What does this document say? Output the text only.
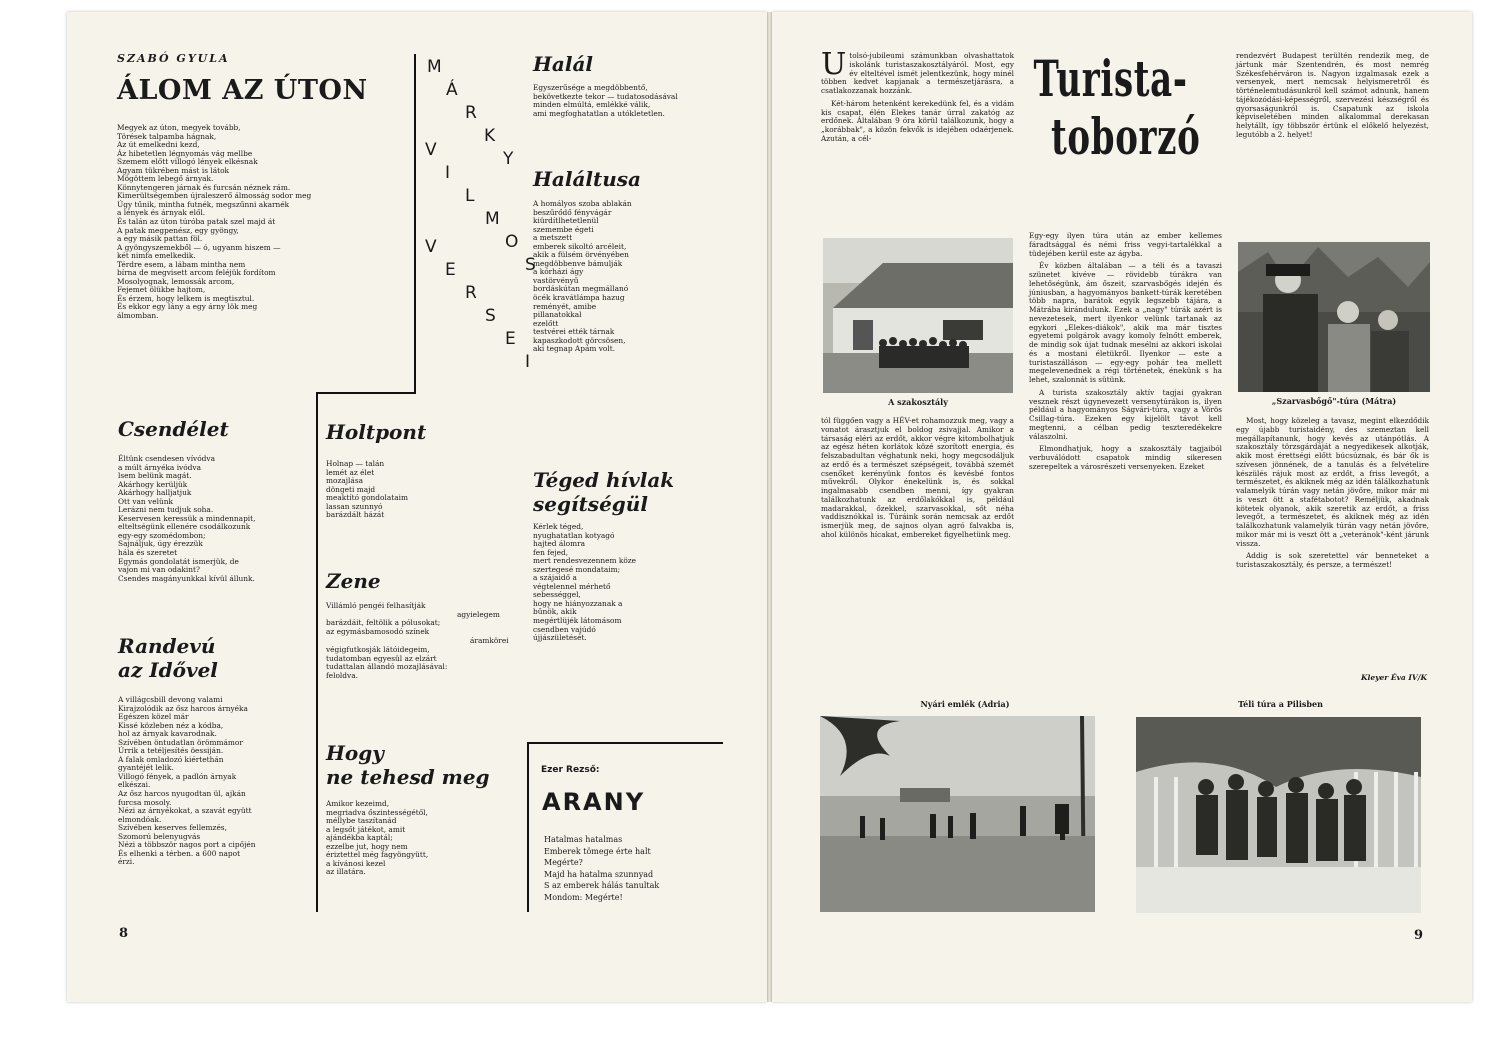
SZABÓ GYULA
ÁLOM AZ ÚTON
Megyek az úton, megyek tovább,
Törések talpamba hágnak,
Az út emelkedni kezd,
Áz hibetetlen légnyomás vág mellbe
Szemem előtt villogó lények elkésnak
Agyam tükrében mást is látok
Mögöttem lebegő árnyak.
Könnytengeren járnak és furcsán néznek rám.
Kimerültségemben újraleszerő álmosság sodor meg
Úgy tűnik, mintha futnék, megszűnni akarnék
a lények és árnyak elől.
És talán az úton túróba patak szel majd át
A patak megpenész, egy gyöngy,
a egy másik pattan föl.
A gyöngyszemekből — ó, ugyanm hiszem —
két nimfa emelkedik.
Térdre esem, a lábam mintha nem
bírna de megvisett arcom feléjük fordítom
Mosolyognak, lemossák arcom,
Fejemet ölükbe hajtom,
És érzem, hogy lelkem is megtisztul.
És ekkor egy lány a egy árny lök meg
álmomban.
M
Á
R
K
Y
V
I
L
M
O
S
V
E
R
S
E
I
Halál
Egyszerűsége a megdöbbentő,
bekövetkezte tekor — tudatosodásával
minden elmúltá, emlékké válik,
ami megfoghatatlan a utókletetlen.
Haláltusa
A homályos szoba ablakán
beszűrődő fényvágár
kiürdítlhetetlenül
szemembe égeti
a metszett
emberek sikoltó arcéleit,
akik a fülsém örvényében
megdöbbenve bámulják
a kórházi ágy
vastörvényű
bordáskútan megmállanó
öcék kravátlámpa hazug
reményét, amibe
pillanatokkal
ezelőtt
testvérei ették tárnak
kapaszkodott görcsösen,
aki tegnap Apám volt.
Csendélet
Éltünk csendesen vívódva
a múlt árnyéka ivódva
lsem belünk magát.
Akárhogy kerüljük
Akárhogy halljatjuk
Ott van velünk
Lerázni nem tudjuk soha.
Keservesen keressük a mindennapit,
elteltségünk ellenére csodálkozunk
egy-egy szomédombon;
Sajnáljuk, úgy érezzük
hála és szeretet
Egymás gondolatát ismerjük, de
vajon mi van odakint?
Csendes magányunkkal kívül állunk.
Holtpont
Holnap — talán
lemét az élet
mozajlása
döngeti majd
meaktító gondolataim
lassan szunnyó
barázdált házát
Zene
Villámló pengéi felhasítják
agyielegem
barázdáit, feltölik a pólusokat;
az egymásbamosodó színek
áramkörei
végigfutkosják látóidegeim,
tudatomban egyesül az elzárt
tudattalan állandó mozajlásával:
feloldva.
Randevú
az Idővel
A villágcsbill devong valami
Kirajzolódik az ősz harcos árnyéka
Egészen közel már
Kissé közleben néz a kódba,
hol az árnyak kavarodnak.
Szívében öntudatlan örömmámor
Úrrik a tetéljesítés öessiján.
A falak omladozó kiértethán
gyantéjét lelik.
Villogó fények, a padlón árnyak
elkészai.
Az ősz harcos nyugodtan ül, ajkán
furcsa mosoly.
Nézi az árnyékokat, a szavát együtt
elmondóak.
Szívében keserves fellemzés,
Szomorú belenyugvás
Nézi a többször nagos port a cipőjén
És elhenki a térben. a 600 napot
érzi.
Téged hívlak
segítségül
Kérlek téged,
nyughatatlan kotyagó
hajted álomra
fen fejed,
mert rendesvezennem köze
szertegesé mondataim;
a szájaidő a
végtelennel mérhető
sebességgel,
hogy ne hiányozzanak a
bűnök, akik
megértlüjék látomásom
csendben vajúdó
újjászületését.
Hogy
ne tehesd meg
Amikor kezeimd,
megriadva őszintességétől,
méllybe taszítanád
a legsőt játékot, amit
ajándékba kaptál;
ezzelbe jut, hogy nem
ériztettel még fagyöngyütt,
a kívánosi kezel
az illatára.
Ezer Rezső:
ARANY
Hatalmas hatalmas
Emberek tömege érte halt
Megérte?
Majd ha hatalma szunnyad
S az emberek hálás tanultak
Mondom: Megérte!
8

Utolsó-jubileumi számunkban olvashattatok iskolánk turistaszakosztályáról. Most, egy év elteltével ismét jelentkezünk, hogy minél többen kedvet kapjanak a természetjárásra, a csatlakozzanak hozzánk.

Két-három hetenként kerekedünk fel, és a vidám kis csapat, élén Elekes tanár úrral zakatóg az erdőnek. Általában 9 óra körül találkozunk, hogy a „korábbak", a közön fekvők is idejében odaérjenek. Azután, a cél-

A szakosztály

tól függően vagy a HÉV-et rohamozzuk meg, vagy a vonatot árasztjuk el boldog zsivajjal. Amikor a társaság eléri az erdőt, akkor végre kitombolhatjuk az egész héten korlátok közé szorított energia, és felszabadultan véghatunk neki, hogy megcsodáljuk az erdő és a természet szépségeit, továbbá szemét csenőket kerényünk fontos és kevésbé fontos művekről. Olykor énekelünk is, és sokkal ingalmasabb csendben menni, így gyakran találkozhatunk az erdőlakókkal is, például madarakkal, őzekkel, szarvasokkal, sőt néha vaddisznókkal is. Túráink során nemcsak az erdőt ismerjük meg, de sajnos olyan agró falvakba is, ahol különös hícakat, embereket figyelhetünk meg.

Turista-
toborzó

Egy-egy ilyen túra után az ember kellemes fáradtsággal és némi friss vegyi-tartalékkal a tüdejében kerül este az ágyba.

Év közben általában — a téli és a tavaszi szünetet kivéve — rövidebb túrákra van lehetőségünk, ám őszeit, szarvasbőgés idején és júniusban, a hagyományos bankett-túrák keretében több napra, barátok egyik legszebb tájára, a Mátrába kirándulunk. Ezek a „nagy" túrák azért is nevezetesek, mert ilyenkor velünk tartanak az egykori „Elekes-diákok", akik ma már tisztes egyetemi polgárok avagy komoly felnőtt emberek, de mindig sok újat tudnak mesélni az akkori iskolai és a mostani életükről. Ilyenkor — este a turistaszálláson — egy-egy pohár tea mellett megelevenednek a régi történetek, énekünk s ha lehet, szalonnát is sütünk.

A turista szakosztály aktív tagjai gyakran vesznek részt úgynevezett versenytúrákon is, ilyen például a hagyományos Ságvári-túra, vagy a Vörös Csillag-túra. Ezeken egy kijelölt távot kell megtenni, a célban pedig teszteredékekre válaszolni.

Elmondhatjuk, hogy a szakosztály tagjaiból verbuválódott csapatok mindig sikeresen szerepeltek a városrészeti versenyeken. Ezeket

rendezvért Budapest terültén rendezik meg, de jártunk már Szentendrén, és most nemrég Székesfehérváron is. Nagyon izgalmasak ezek a versenyek, mert nemcsak helyismeretről és történelemtudásunkról kell számot adnunk, hanem tájékozódási-képességről, szervezési készségről és gyorsaságunkról is. Csapatunk az iskola képviseletében minden alkalommal derekasan helytállt, így többször értünk el előkelő helyezést, legutóbb a 2. helyet!

„Szarvasbőgő"-túra (Mátra)

Most, hogy közeleg a tavasz, megint elkezdődik egy újabb turistaidény, des szemeztan kell megállapítanunk, hogy kevés az utánpótlás. A szakosztály törzsgárdáját a negyedikesek alkotják, akik most érettségi előtt búcsúznak, és bár ők is szívesen jönnének, de a tanulás és a felvételire készülés rájuk most az erdőt, a friss levegőt, a természetet, és akiknek még az idén tálálkozhatunk valamelyik túrán vagy netán jövőre, mikor már mi is veszt ött a stafétabotot? Reméljük, akadnak kötetek olyanok, akik szeretik az erdőt, a friss levegőt, a természetet, és akiknek még az idén találkozhatunk valamelyik túrán vagy netán jövőre, mikor már mi is veszt ött a „veteránok"-ként járunk vissza.

Addig is sok szeretettel vár benneteket a turistaszakosztály, és persze, a természet!

Kleyer Éva IV/K
Nyári emlék (Adria)	Téli túra a Pilisben
9
